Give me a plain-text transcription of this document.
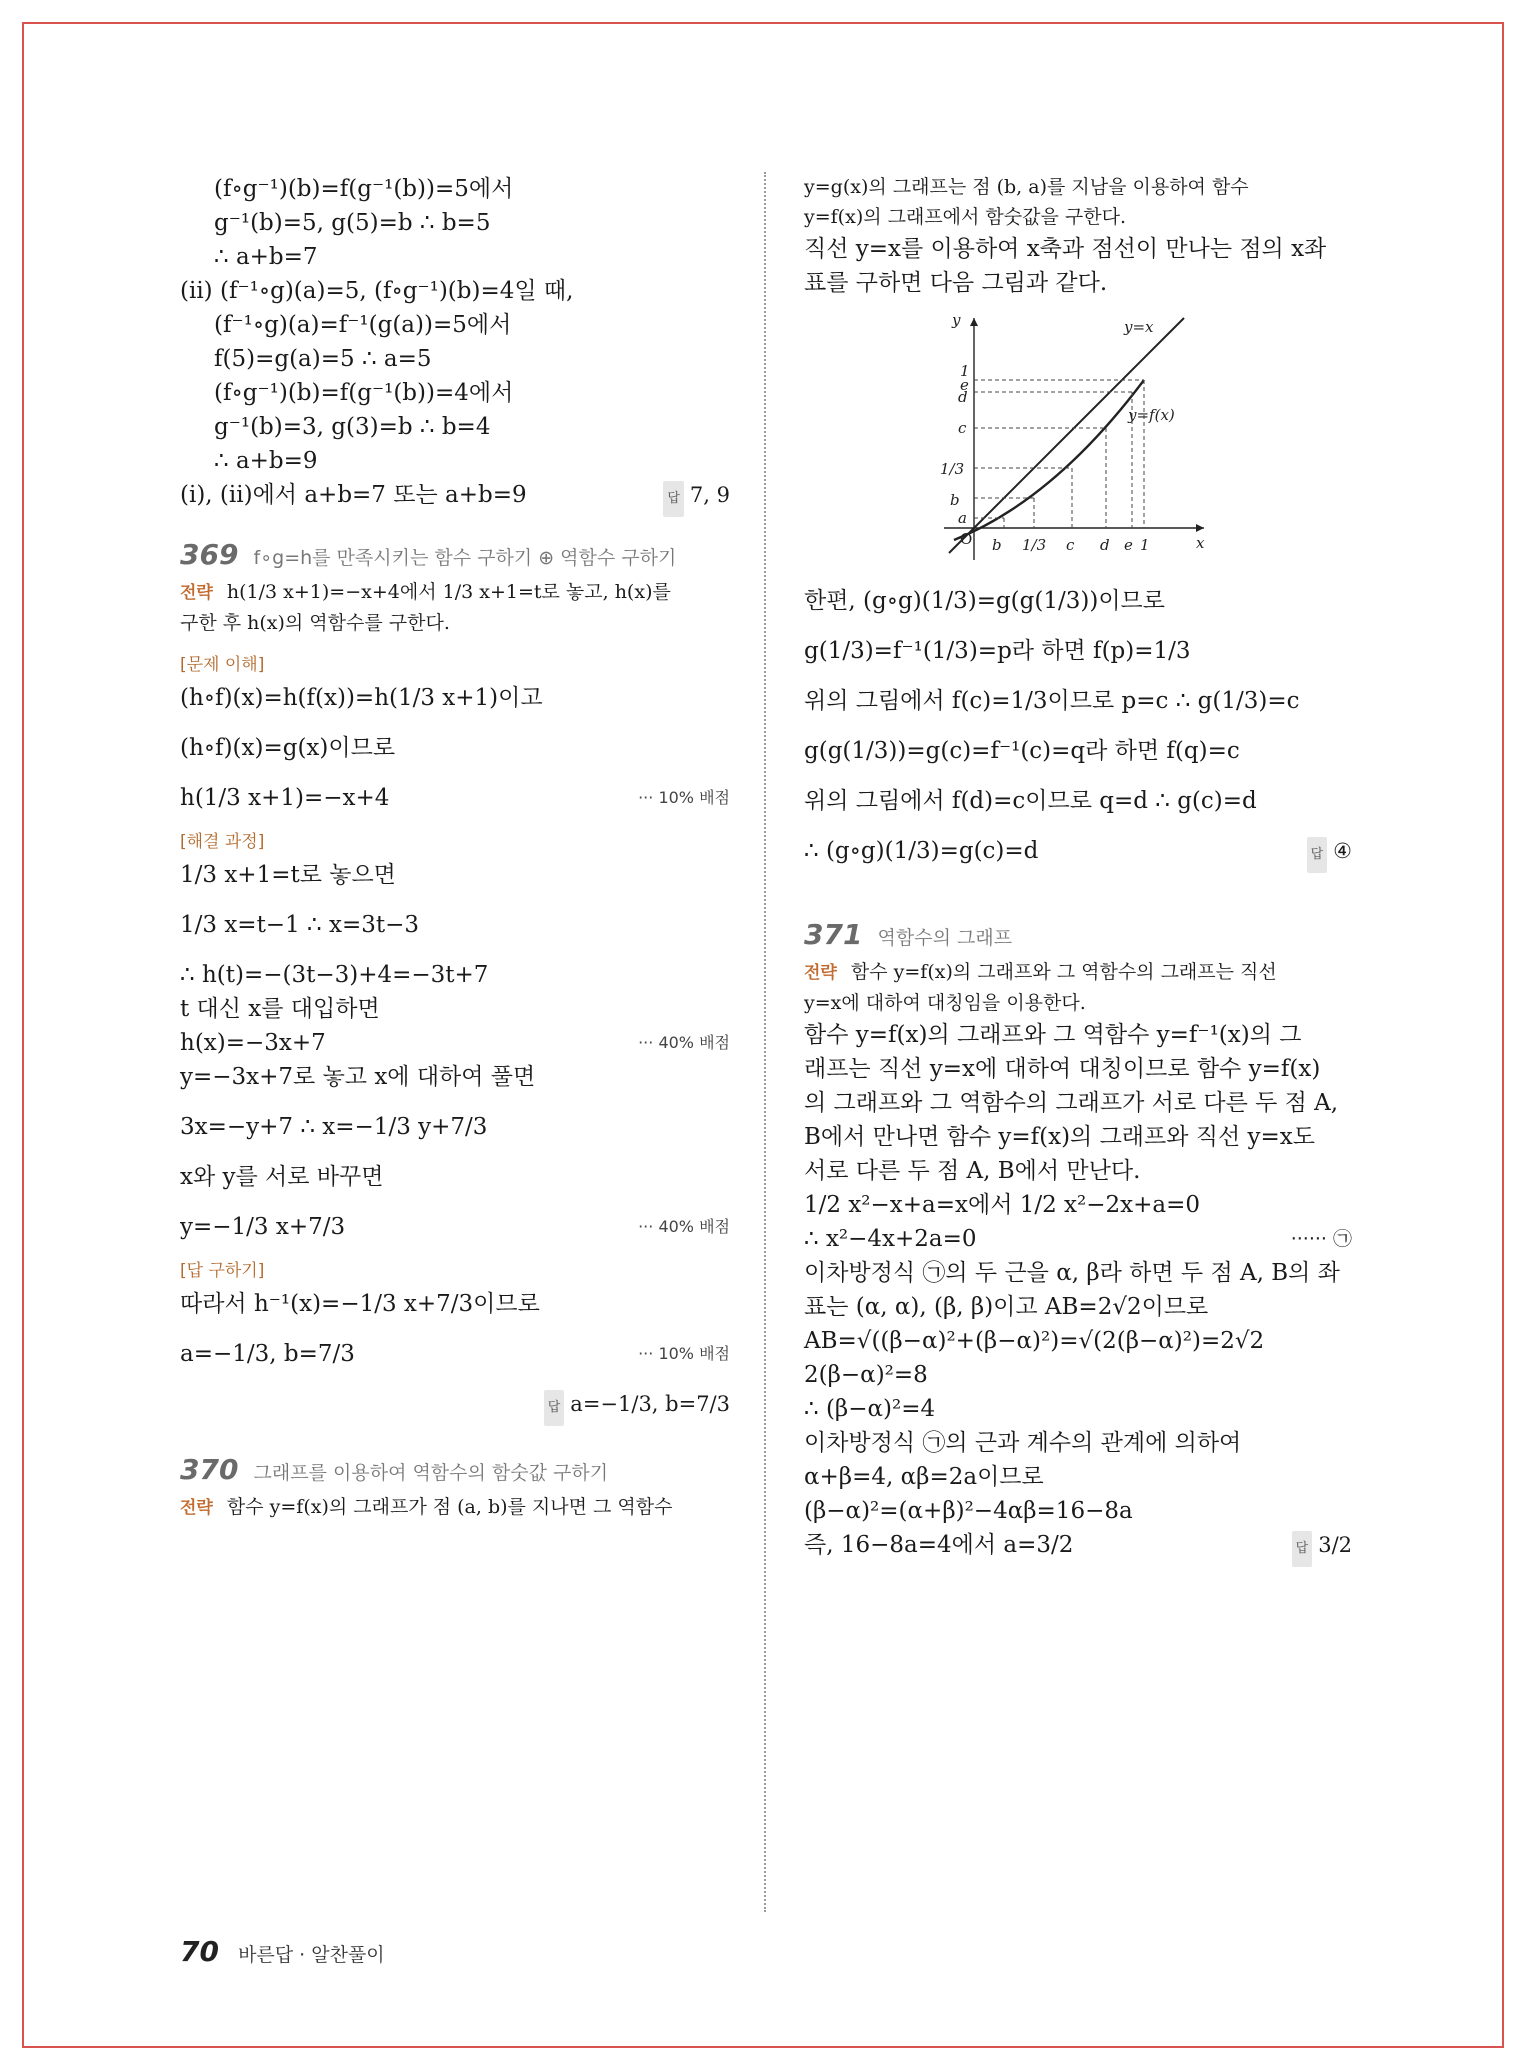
(f∘g⁻¹)(b)=f(g⁻¹(b))=5에서
g⁻¹(b)=5, g(5)=b ∴ b=5
∴ a+b=7
(ii) (f⁻¹∘g)(a)=5, (f∘g⁻¹)(b)=4일 때,
(f⁻¹∘g)(a)=f⁻¹(g(a))=5에서
f(5)=g(a)=5 ∴ a=5
(f∘g⁻¹)(b)=f(g⁻¹(b))=4에서
g⁻¹(b)=3, g(3)=b ∴ b=4
∴ a+b=9
(i), (ii)에서 a+b=7 또는 a+b=9	답 7, 9
369 f∘g=h를 만족시키는 함수 구하기 ⊕ 역함수 구하기
전략 h(1/3 x+1)=−x+4에서 1/3 x+1=t로 놓고, h(x)를
구한 후 h(x)의 역함수를 구한다.
[문제 이해]
(h∘f)(x)=h(f(x))=h(1/3 x+1)이고
(h∘f)(x)=g(x)이므로
h(1/3 x+1)=−x+4	··· 10% 배점
[해결 과정]
1/3 x+1=t로 놓으면
1/3 x=t−1 ∴ x=3t−3
∴ h(t)=−(3t−3)+4=−3t+7
t 대신 x를 대입하면
h(x)=−3x+7	··· 40% 배점
y=−3x+7로 놓고 x에 대하여 풀면
3x=−y+7 ∴ x=−1/3 y+7/3
x와 y를 서로 바꾸면
y=−1/3 x+7/3	··· 40% 배점
[답 구하기]
따라서 h⁻¹(x)=−1/3 x+7/3이므로
a=−1/3, b=7/3	··· 10% 배점
답 a=−1/3, b=7/3
370 그래프를 이용하여 역함수의 함숫값 구하기
전략 함수 y=f(x)의 그래프가 점 (a, b)를 지나면 그 역함수
y=g(x)의 그래프는 점 (b, a)를 지남을 이용하여 함수
y=f(x)의 그래프에서 함숫값을 구한다.
직선 y=x를 이용하여 x축과 점선이 만나는 점의 x좌
표를 구하면 다음 그림과 같다.
y
x
O
y=x
y=f(x)
b 1/3 c d e 1
a
b
1/3
c
d
e
1
한편, (g∘g)(1/3)=g(g(1/3))이므로
g(1/3)=f⁻¹(1/3)=p라 하면 f(p)=1/3
위의 그림에서 f(c)=1/3이므로 p=c ∴ g(1/3)=c
g(g(1/3))=g(c)=f⁻¹(c)=q라 하면 f(q)=c
위의 그림에서 f(d)=c이므로 q=d ∴ g(c)=d
∴ (g∘g)(1/3)=g(c)=d	답 ④
371 역함수의 그래프
전략 함수 y=f(x)의 그래프와 그 역함수의 그래프는 직선
y=x에 대하여 대칭임을 이용한다.
함수 y=f(x)의 그래프와 그 역함수 y=f⁻¹(x)의 그
래프는 직선 y=x에 대하여 대칭이므로 함수 y=f(x)
의 그래프와 그 역함수의 그래프가 서로 다른 두 점 A,
B에서 만나면 함수 y=f(x)의 그래프와 직선 y=x도
서로 다른 두 점 A, B에서 만난다.
1/2 x²−x+a=x에서 1/2 x²−2x+a=0
∴ x²−4x+2a=0	······ ㉠
이차방정식 ㉠의 두 근을 α, β라 하면 두 점 A, B의 좌
표는 (α, α), (β, β)이고 AB=2√2이므로
AB=√((β−α)²+(β−α)²)=√(2(β−α)²)=2√2
2(β−α)²=8
∴ (β−α)²=4
이차방정식 ㉠의 근과 계수의 관계에 의하여
α+β=4, αβ=2a이므로
(β−α)²=(α+β)²−4αβ=16−8a
즉, 16−8a=4에서 a=3/2	답 3/2
70 바른답 · 알찬풀이
